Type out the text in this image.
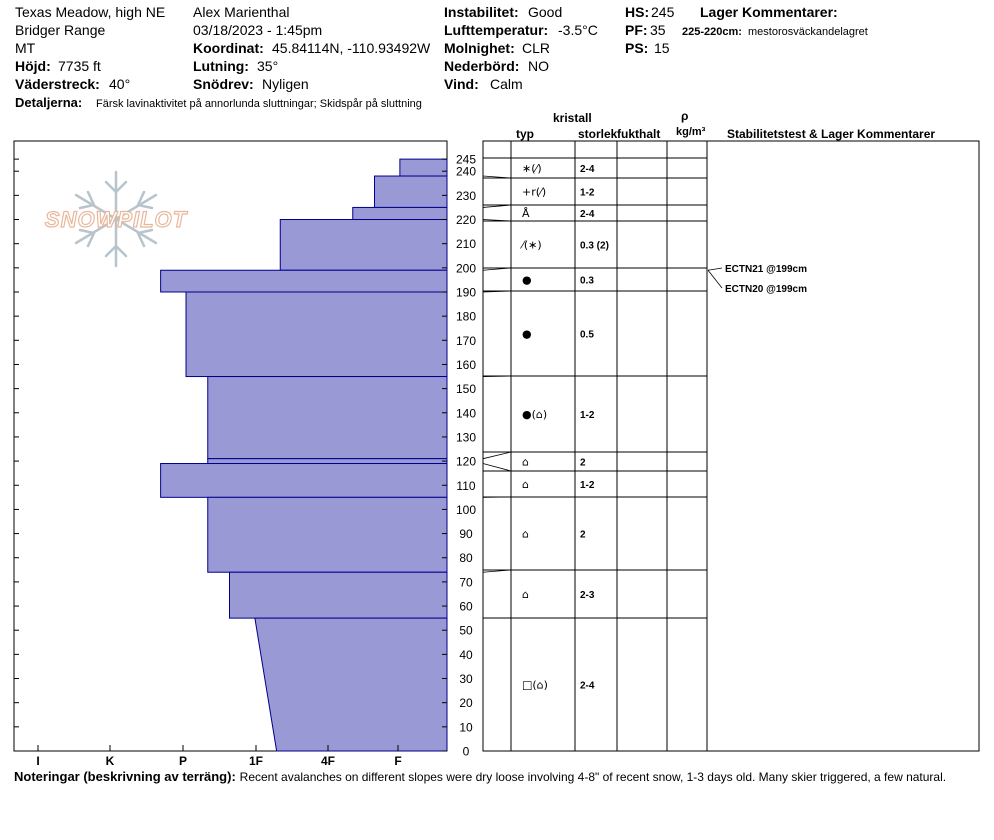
Texas Meadow, high NE
Bridger Range
MT
Höjd: 7735 ft
Väderstreck: 40°
Detaljerna: Färsk lavinaktivitet på annorlunda sluttningar; Skidspår på sluttning
Alex Marienthal
03/18/2023 - 1:45pm
Koordinat: 45.84114N, -110.93492W
Lutning: 35°
Snödrev: Nyligen
Instabilitet: Good
Lufttemperatur: -3.5°C
Molnighet: CLR
Nederbörd: NO
Vind: Calm
HS: 245
PF: 35
PS: 15
Lager Kommentarer:
225-220cm: mestorosväckandelagret
kristall
typ	storlek fukthalt
ρ
kg/m³ Stabilitetstest & Lager Kommentarer
SNOWPILOT
0
10
20
30
40
50
60
70
80
90
100
110
120
130
140
150
160
170
180
190
200
210
220
230
240
245
I	K	P	1F	4F	F
∗(⁄)	2-4
+r(⁄)	1-2
Å	2-4
⁄(∗)	0.3 (2)
●	0.3
●	0.5
●(⌂)	1-2
⌂	2
⌂	1-2
⌂	2
⌂	2-3
□(⌂)	2-4
ECTN21 @199cm
ECTN20 @199cm
Noteringar (beskrivning av terräng): Recent avalanches on different slopes were dry loose involving 4-8" of recent snow, 1-3 days old. Many skier triggered, a few natural.
